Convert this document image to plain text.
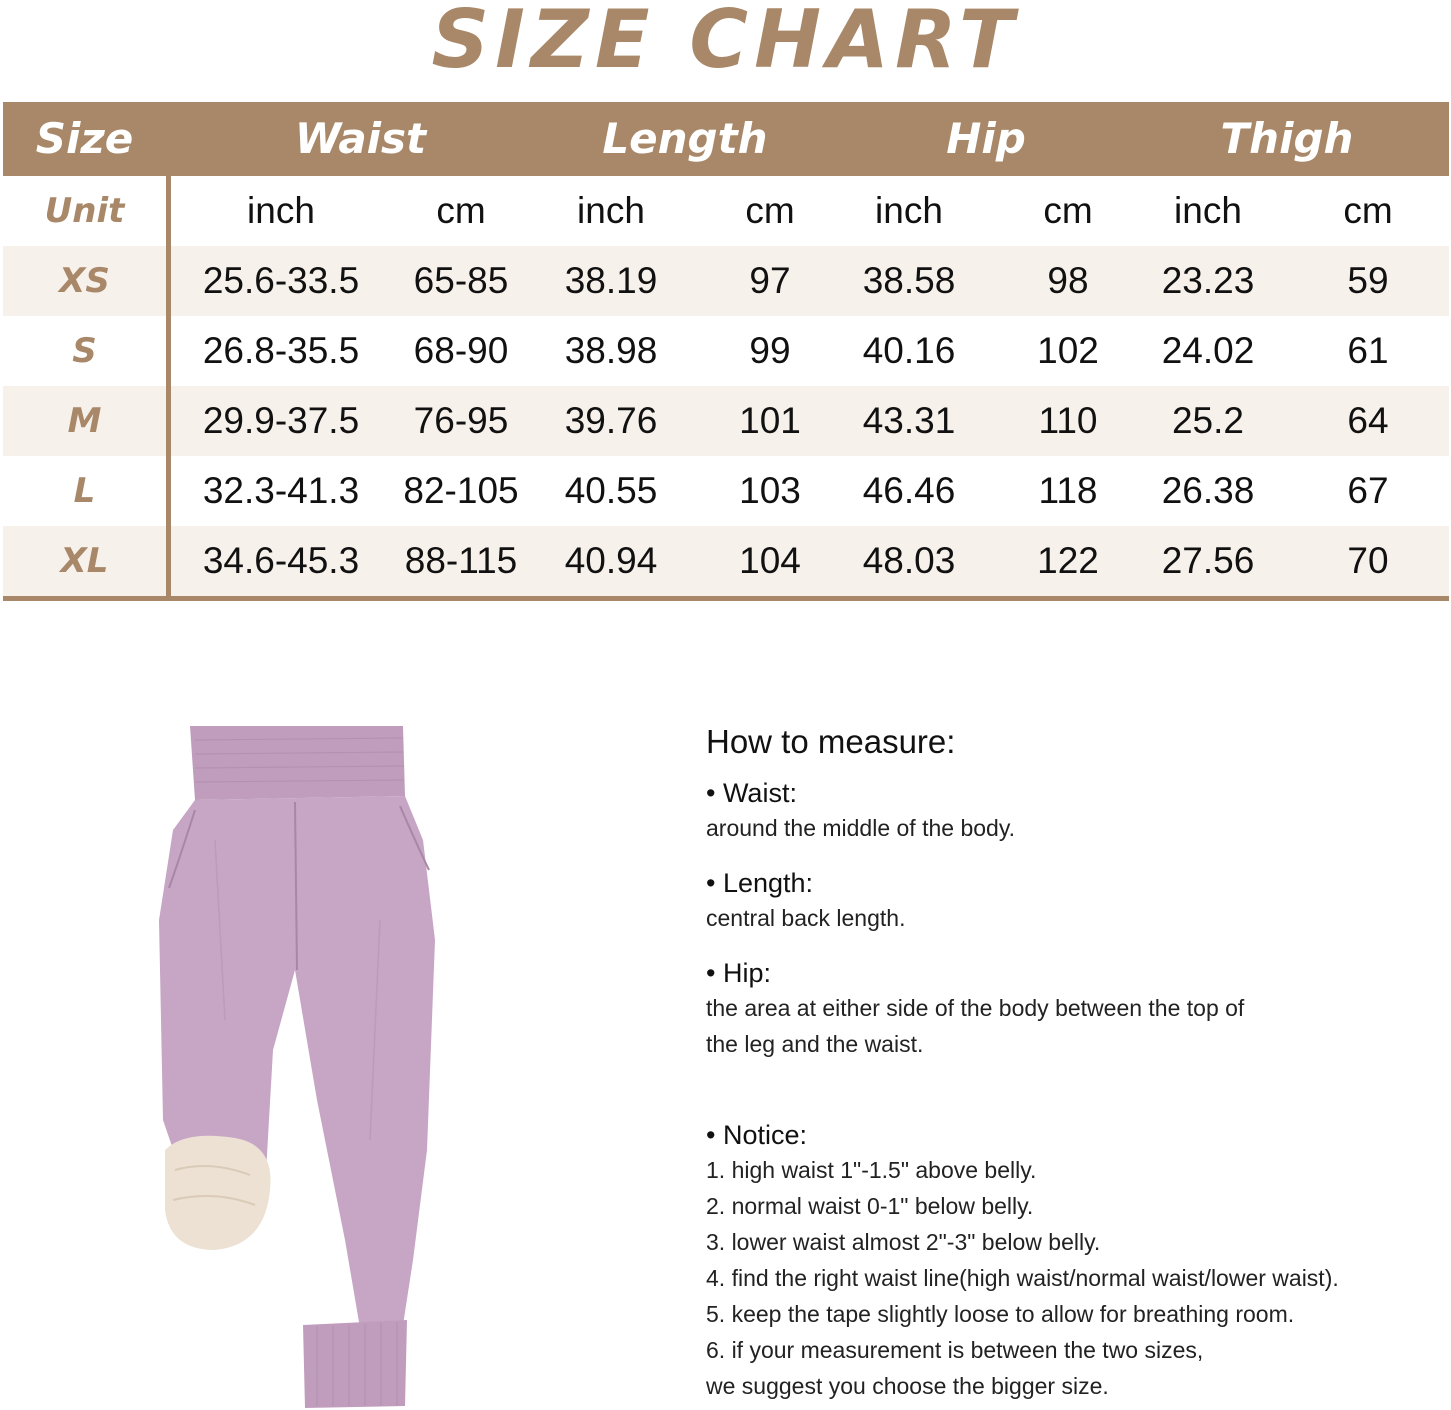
SIZE CHART
Size	Waist	Length	Hip	Thigh
Unit	inch	cm	inch	cm	inch	cm	inch	cm
XS	25.6-33.5	65-85	38.19	97	38.58	98	23.23	59
S	26.8-35.5	68-90	38.98	99	40.16	102	24.02	61
M	29.9-37.5	76-95	39.76	101	43.31	110	25.2	64
L	32.3-41.3	82-105	40.55	103	46.46	118	26.38	67
XL	34.6-45.3	88-115	40.94	104	48.03	122	27.56	70
How to measure:
• Waist:
around the middle of the body.
• Length:
central back length.
• Hip:
the area at either side of the body between the top of
the leg and the waist.
• Notice:
1. high waist 1"-1.5" above belly.
2. normal waist 0-1" below belly.
3. lower waist almost 2"-3" below belly.
4. find the right waist line(high waist/normal waist/lower waist).
5. keep the tape slightly loose to allow for breathing room.
6. if your measurement is between the two sizes,
we suggest you choose the bigger size.
